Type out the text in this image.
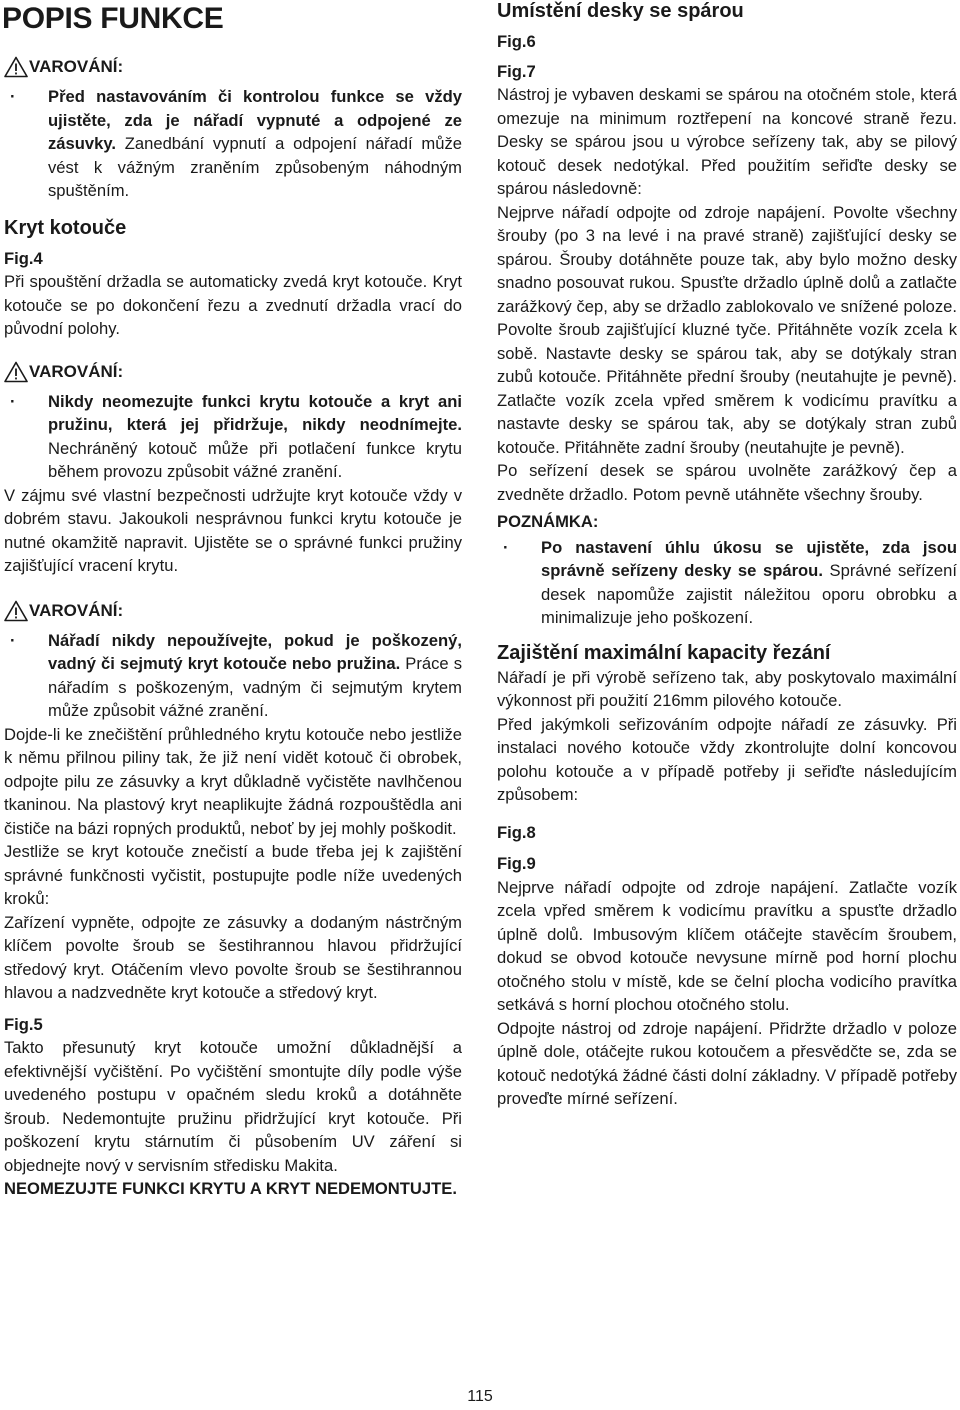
POPIS FUNKCE
VAROVÁNÍ:
· Před nastavováním či kontrolou funkce se vždy ujistěte, zda je nářadí vypnuté a odpojené ze zásuvky. Zanedbání vypnutí a odpojení nářadí může vést k vážným zraněním způsobeným náhodným spuštěním.
Kryt kotouče
Fig.4

Při spouštění držadla se automaticky zvedá kryt kotouče. Kryt kotouče se po dokončení řezu a zvednutí držadla vrací do původní polohy.

VAROVÁNÍ:
· Nikdy neomezujte funkci krytu kotouče a kryt ani pružinu, která jej přidržuje, nikdy neodnímejte. Nechráněný kotouč může při potlačení funkce krytu během provozu způsobit vážné zranění.

V zájmu své vlastní bezpečnosti udržujte kryt kotouče vždy v dobrém stavu. Jakoukoli nesprávnou funkci krytu kotouče je nutné okamžitě napravit. Ujistěte se o správné funkci pružiny zajišťující vracení krytu.

VAROVÁNÍ:
· Nářadí nikdy nepoužívejte, pokud je poškozený, vadný či sejmutý kryt kotouče nebo pružina. Práce s nářadím s poškozeným, vadným či sejmutým krytem může způsobit vážné zranění.

Dojde-li ke znečištění průhledného krytu kotouče nebo jestliže k němu přilnou piliny tak, že již není vidět kotouč či obrobek, odpojte pilu ze zásuvky a kryt důkladně vyčistěte navlhčenou tkaninou. Na plastový kryt neaplikujte žádná rozpouštědla ani čističe na bázi ropných produktů, neboť by jej mohly poškodit.

Jestliže se kryt kotouče znečistí a bude třeba jej k zajištění správné funkčnosti vyčistit, postupujte podle níže uvedených kroků:

Zařízení vypněte, odpojte ze zásuvky a dodaným nástrčným klíčem povolte šroub se šestihrannou hlavou přidržující středový kryt. Otáčením vlevo povolte šroub se šestihrannou hlavou a nadzvedněte kryt kotouče a středový kryt.

Fig.5

Takto přesunutý kryt kotouče umožní důkladnější a efektivnější vyčištění. Po vyčištění smontujte díly podle výše uvedeného postupu v opačném sledu kroků a dotáhněte šroub. Nedemontujte pružinu přidržující kryt kotouče. Při poškození krytu stárnutím či působením UV záření si objednejte nový v servisním středisku Makita.

NEOMEZUJTE FUNKCI KRYTU A KRYT NEDEMONTUJTE.

Umístění desky se spárou
Fig.6
Fig.7

Nástroj je vybaven deskami se spárou na otočném stole, která omezuje na minimum roztřepení na koncové straně řezu. Desky se spárou jsou u výrobce seřízeny tak, aby se pilový kotouč desek nedotýkal. Před použitím seřiďte desky se spárou následovně:

Nejprve nářadí odpojte od zdroje napájení. Povolte všechny šrouby (po 3 na levé i na pravé straně) zajišťující desky se spárou. Šrouby dotáhněte pouze tak, aby bylo možno desky snadno posouvat rukou. Spusťte držadlo úplně dolů a zatlačte zarážkový čep, aby se držadlo zablokovalo ve snížené poloze. Povolte šroub zajišťující kluzné tyče. Přitáhněte vozík zcela k sobě. Nastavte desky se spárou tak, aby se dotýkaly stran zubů kotouče. Přitáhněte přední šrouby (neutahujte je pevně). Zatlačte vozík zcela vpřed směrem k vodicímu pravítku a nastavte desky se spárou tak, aby se dotýkaly stran zubů kotouče. Přitáhněte zadní šrouby (neutahujte je pevně).

Po seřízení desek se spárou uvolněte zarážkový čep a zvedněte držadlo. Potom pevně utáhněte všechny šrouby.

POZNÁMKA:
· Po nastavení úhlu úkosu se ujistěte, zda jsou správně seřízeny desky se spárou. Správné seřízení desek napomůže zajistit náležitou oporu obrobku a minimalizuje jeho poškození.
Zajištění maximální kapacity řezání

Nářadí je při výrobě seřízeno tak, aby poskytovalo maximální výkonnost při použití 216mm pilového kotouče.

Před jakýmkoli seřizováním odpojte nářadí ze zásuvky. Při instalaci nového kotouče vždy zkontrolujte dolní koncovou polohu kotouče a v případě potřeby ji seřiďte následujícím způsobem:

Fig.8
Fig.9

Nejprve nářadí odpojte od zdroje napájení. Zatlačte vozík zcela vpřed směrem k vodicímu pravítku a spusťte držadlo úplně dolů. Imbusovým klíčem otáčejte stavěcím šroubem, dokud se obvod kotouče nevysune mírně pod horní plochu otočného stolu v místě, kde se čelní plocha vodicího pravítka setkává s horní plochou otočného stolu.

Odpojte nástroj od zdroje napájení. Přidržte držadlo v poloze úplně dole, otáčejte rukou kotoučem a přesvědčte se, zda se kotouč nedotýká žádné části dolní základny. V případě potřeby proveďte mírné seřízení.

115
